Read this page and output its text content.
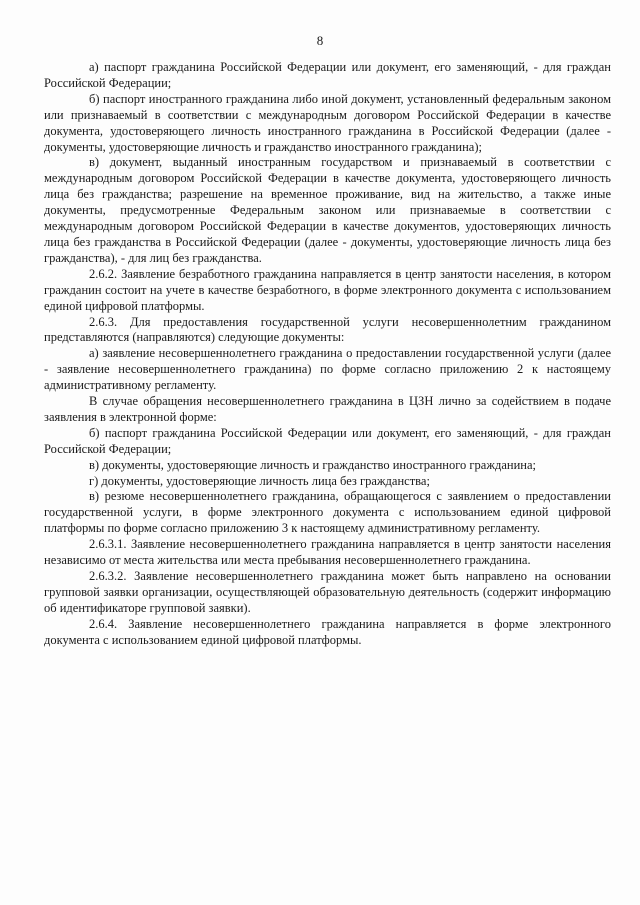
8

а) паспорт гражданина Российской Федерации или документ, его заменяющий, - для граждан Российской Федерации;

б) паспорт иностранного гражданина либо иной документ, установленный федеральным законом или признаваемый в соответствии с международным договором Российской Федерации в качестве документа, удостоверяющего личность иностранного гражданина в Российской Федерации (далее - документы, удостоверяющие личность и гражданство иностранного гражданина);

в) документ, выданный иностранным государством и признаваемый в соответствии с международным договором Российской Федерации в качестве документа, удостоверяющего личность лица без гражданства; разрешение на временное проживание, вид на жительство, а также иные документы, предусмотренные Федеральным законом или признаваемые в соответствии с международным договором Российской Федерации в качестве документов, удостоверяющих личность лица без гражданства в Российской Федерации (далее - документы, удостоверяющие личность лица без гражданства), - для лиц без гражданства.

2.6.2. Заявление безработного гражданина направляется в центр занятости населения, в котором гражданин состоит на учете в качестве безработного, в форме электронного документа с использованием единой цифровой платформы.

2.6.3. Для предоставления государственной услуги несовершеннолетним гражданином представляются (направляются) следующие документы:

а) заявление несовершеннолетнего гражданина о предоставлении государственной услуги (далее - заявление несовершеннолетнего гражданина) по форме согласно приложению 2 к настоящему административному регламенту.

В случае обращения несовершеннолетнего гражданина в ЦЗН лично за содействием в подаче заявления в электронной форме:

б) паспорт гражданина Российской Федерации или документ, его заменяющий, - для граждан Российской Федерации;

в) документы, удостоверяющие личность и гражданство иностранного гражданина;

г) документы, удостоверяющие личность лица без гражданства;

в) резюме несовершеннолетнего гражданина, обращающегося с заявлением о предоставлении государственной услуги, в форме электронного документа с использованием единой цифровой платформы по форме согласно приложению 3 к настоящему административному регламенту.

2.6.3.1. Заявление несовершеннолетнего гражданина направляется в центр занятости населения независимо от места жительства или места пребывания несовершеннолетнего гражданина.

2.6.3.2. Заявление несовершеннолетнего гражданина может быть направлено на основании групповой заявки организации, осуществляющей образовательную деятельность (содержит информацию об идентификаторе групповой заявки).

2.6.4. Заявление несовершеннолетнего гражданина направляется в форме электронного документа с использованием единой цифровой платформы.
